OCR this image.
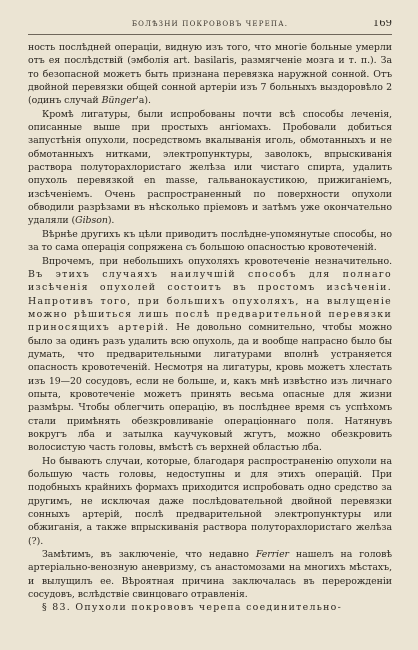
БОЛѢЗНИ ПОКРОВОВЪ ЧЕРЕПА.	169

ность послѣдней операціи, видную изъ того, что многіе больные умерли отъ ея послѣдствій (эмболія art. basilaris, размягченіе мозга и т. п.). За то безопасной можетъ быть признана перевязка наружной сонной. Отъ двойной перевязки общей сонной артеріи изъ 7 больныхъ выздоровѣло 2 (одинъ случай Bünger'а).

Кромѣ лигатуры, были испробованы почти всѣ способы леченія, описанные выше при простыхъ ангіомахъ. Пробовали добиться запустѣнія опухоли, посредствомъ вкалыванія иголь, обмотанныхъ и не обмотанныхъ нитками, электропунктуры, заволокъ, впрыскиванія раствора полуторахлористаго желѣза или чистаго спирта, удалить опухоль перевязкой en masse, гальванокаустикою, прижиганіемъ, изсѣченіемъ. Очень распространенный по поверхности опухоли обводили разрѣзами въ нѣсколько пріемовъ и затѣмъ уже окончательно удаляли (Gibson).

Вѣрнѣе другихъ къ цѣли приводитъ послѣдне-упомянутые способы, но за то сама операція сопряжена съ большою опасностью кровотеченій.

Впрочемъ, при небольшихъ опухоляхъ кровотеченіе незначительно. Въ этихъ случаяхъ наилучшій способъ для полнаго изсѣченія опухолей состоитъ въ простомъ изсѣченіи. Напротивъ того, при большихъ опухоляхъ, на вылущеніе можно рѣшиться лишь послѣ предварительной перевязки приносящихъ артерій. Не довольно сомнительно, чтобы можно было за одинъ разъ удалить всю опухоль, да и вообще напрасно было бы думать, что предварительными лигатурами вполнѣ устраняется опасность кровотеченій. Несмотря на лигатуры, кровь можетъ хлестать изъ 19—20 сосудовъ, если не больше, и, какъ мнѣ извѣстно изъ личнаго опыта, кровотеченіе можетъ принять весьма опасные для жизни размѣры. Чтобы облегчить операцію, въ послѣднее время съ успѣхомъ стали примѣнять обезкровливаніе операціоннаго поля. Натянувъ вокругъ лба и затылка каучуковый жгутъ, можно обезкровить волосистую часть головы, вмѣстѣ съ верхней областью лба.

Но бываютъ случаи, которые, благодаря распространенію опухоли на большую часть головы, недоступны и для этихъ операцій. При подобныхъ крайнихъ формахъ приходится испробовать одно средство за другимъ, не исключая даже послѣдовательной двойной перевязки сонныхъ артерій, послѣ предварительной электропунктуры или обжиганія, а также впрыскиванія раствора полуторахлористаго желѣза (?).

Замѣтимъ, въ заключеніе, что недавно Ferrier нашелъ на головѣ артеріально-венозную аневризму, съ анастомозами на многихъ мѣстахъ, и вылущилъ ее. Вѣроятная причина заключалась въ перерожденіи сосудовъ, вслѣдствіе свинцоваго отравленія.

§ 83. Опухоли покрововъ черепа соединительно-
